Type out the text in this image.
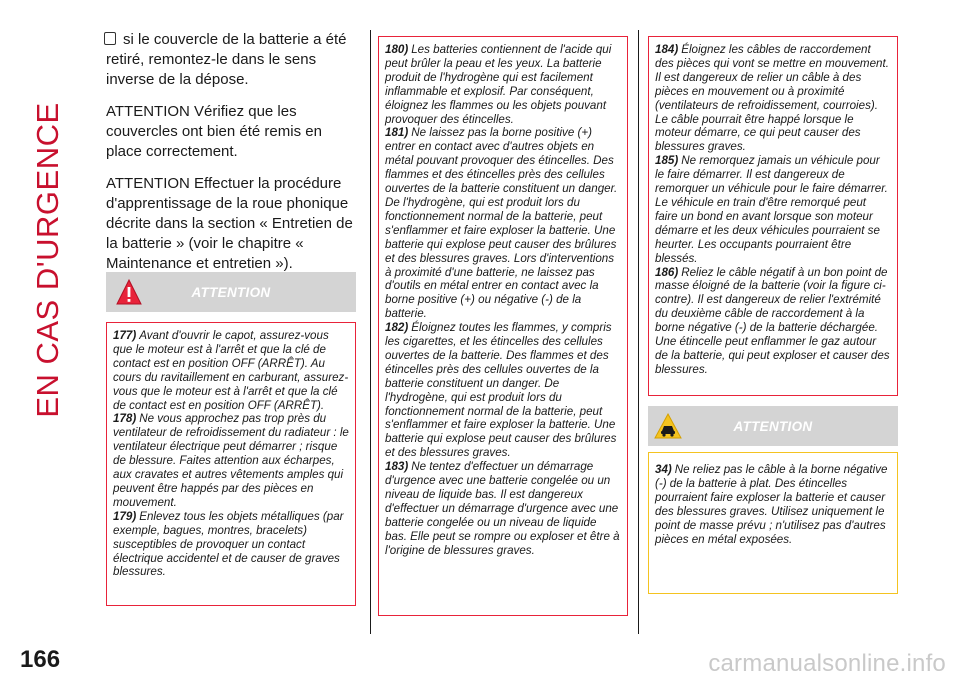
EN CAS D'URGENCE
166	carmanualsonline.info

si le couvercle de la batterie a été retiré, remontez-le dans le sens inverse de la dépose.

ATTENTION Vérifiez que les couvercles ont bien été remis en place correctement.

ATTENTION Effectuer la procédure d'apprentissage de la roue phonique décrite dans la section « Entretien de la batterie » (voir le chapitre « Maintenance et entretien »).

ATTENTION

177) Avant d'ouvrir le capot, assurez-vous que le moteur est à l'arrêt et que la clé de contact est en position OFF (ARRÊT). Au cours du ravitaillement en carburant, assurez-vous que le moteur est à l'arrêt et que la clé de contact est en position OFF (ARRÊT).

178) Ne vous approchez pas trop près du ventilateur de refroidissement du radiateur : le ventilateur électrique peut démarrer ; risque de blessure. Faites attention aux écharpes, aux cravates et autres vêtements amples qui peuvent être happés par des pièces en mouvement.

179) Enlevez tous les objets métalliques (par exemple, bagues, montres, bracelets) susceptibles de provoquer un contact électrique accidentel et de causer de graves blessures.

180) Les batteries contiennent de l'acide qui peut brûler la peau et les yeux. La batterie produit de l'hydrogène qui est facilement inflammable et explosif. Par conséquent, éloignez les flammes ou les objets pouvant provoquer des étincelles.

181) Ne laissez pas la borne positive (+) entrer en contact avec d'autres objets en métal pouvant provoquer des étincelles. Des flammes et des étincelles près des cellules ouvertes de la batterie constituent un danger. De l'hydrogène, qui est produit lors du fonctionnement normal de la batterie, peut s'enflammer et faire exploser la batterie. Une batterie qui explose peut causer des brûlures et des blessures graves. Lors d'interventions à proximité d'une batterie, ne laissez pas d'outils en métal entrer en contact avec la borne positive (+) ou négative (-) de la batterie.

182) Éloignez toutes les flammes, y compris les cigarettes, et les étincelles des cellules ouvertes de la batterie. Des flammes et des étincelles près des cellules ouvertes de la batterie constituent un danger. De l'hydrogène, qui est produit lors du fonctionnement normal de la batterie, peut s'enflammer et faire exploser la batterie. Une batterie qui explose peut causer des brûlures et des blessures graves.

183) Ne tentez d'effectuer un démarrage d'urgence avec une batterie congelée ou un niveau de liquide bas. Il est dangereux d'effectuer un démarrage d'urgence avec une batterie congelée ou un niveau de liquide bas. Elle peut se rompre ou exploser et être à l'origine de blessures graves.

184) Éloignez les câbles de raccordement des pièces qui vont se mettre en mouvement. Il est dangereux de relier un câble à des pièces en mouvement ou à proximité (ventilateurs de refroidissement, courroies). Le câble pourrait être happé lorsque le moteur démarre, ce qui peut causer des blessures graves.

185) Ne remorquez jamais un véhicule pour le faire démarrer. Il est dangereux de remorquer un véhicule pour le faire démarrer. Le véhicule en train d'être remorqué peut faire un bond en avant lorsque son moteur démarre et les deux véhicules pourraient se heurter. Les occupants pourraient être blessés.

186) Reliez le câble négatif à un bon point de masse éloigné de la batterie (voir la figure ci-contre). Il est dangereux de relier l'extrémité du deuxième câble de raccordement à la borne négative (-) de la batterie déchargée. Une étincelle peut enflammer le gaz autour de la batterie, qui peut exploser et causer des blessures.

ATTENTION

34) Ne reliez pas le câble à la borne négative (-) de la batterie à plat. Des étincelles pourraient faire exploser la batterie et causer des blessures graves. Utilisez uniquement le point de masse prévu ; n'utilisez pas d'autres pièces en métal exposées.
